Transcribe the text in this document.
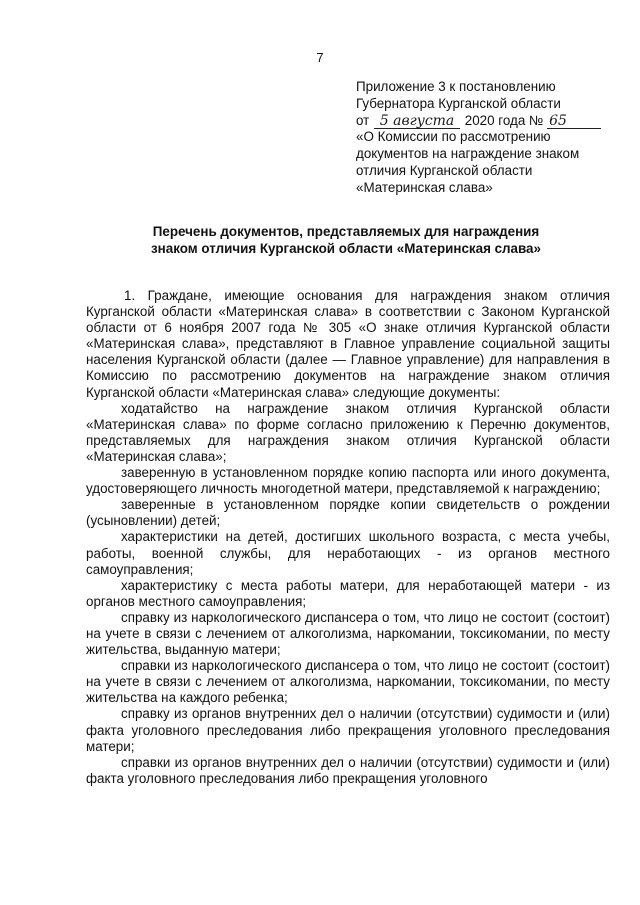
7
Приложение 3 к постановлению
Губернатора Курганской области
от 5 августа 2020 года № 65
«О Комиссии по рассмотрению
документов на награждение знаком
отличия Курганской области
«Материнская слава»
Перечень документов, представляемых для награждения
знаком отличия Курганской области «Материнская слава»

1. Граждане, имеющие основания для награждения знаком отличия Курганской области «Материнская слава» в соответствии с Законом Курганской области от 6 ноября 2007 года № 305 «О знаке отличия Курганской области «Материнская слава», представляют в Главное управление социальной защиты населения Курганской области (далее — Главное управление) для направления в Комиссию по рассмотрению документов на награждение знаком отличия Курганской области «Материнская слава» следующие документы:

ходатайство на награждение знаком отличия Курганской области «Материнская слава» по форме согласно приложению к Перечню документов, представляемых для награждения знаком отличия Курганской области «Материнская слава»;

заверенную в установленном порядке копию паспорта или иного документа, удостоверяющего личность многодетной матери, представляемой к награждению;

заверенные в установленном порядке копии свидетельств о рождении (усыновлении) детей;

характеристики на детей, достигших школьного возраста, с места учебы, работы, военной службы, для неработающих - из органов местного самоуправления;

характеристику с места работы матери, для неработающей матери - из органов местного самоуправления;

справку из наркологического диспансера о том, что лицо не состоит (состоит) на учете в связи с лечением от алкоголизма, наркомании, токсикомании, по месту жительства, выданную матери;

справки из наркологического диспансера о том, что лицо не состоит (состоит) на учете в связи с лечением от алкоголизма, наркомании, токсикомании, по месту жительства на каждого ребенка;

справку из органов внутренних дел о наличии (отсутствии) судимости и (или) факта уголовного преследования либо прекращения уголовного преследования матери;

справки из органов внутренних дел о наличии (отсутствии) судимости и (или) факта уголовного преследования либо прекращения уголовного
